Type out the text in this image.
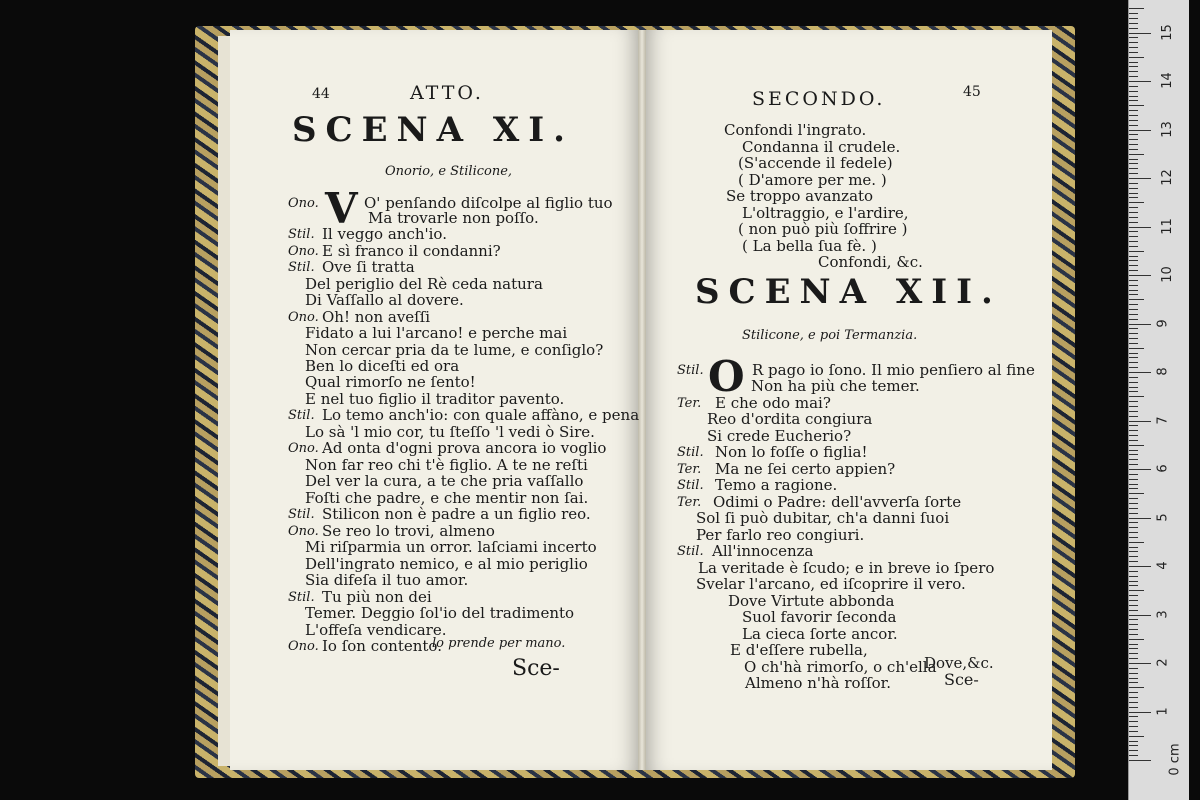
44	ATTO.
SCENA XI.
Onorio, e Stilicone,
V
Ono.	O' penſando diſcolpe al figlio tuo
Ma trovarle non poſſo.
Stil. Il veggo anch'io.
Ono. E sì franco il condanni?
Stil. Ove ſi tratta
Del periglio del Rè ceda natura
Di Vaſſallo al dovere.
Ono. Oh! non aveſſi
Fidato a lui l'arcano! e perche mai
Non cercar pria da te lume, e conſiglo?
Ben lo diceſti ed ora
Qual rimorſo ne ſento!
E nel tuo figlio il traditor pavento.
Stil. Lo temo anch'io: con quale affàno, e pena
Lo sà 'l mio cor, tu ſteſſo 'l vedi ò Sire.
Ono. Ad onta d'ogni prova ancora io voglio
Non far reo chi t'è figlio. A te ne reſti
Del ver la cura, a te che pria vaſſallo
Foſti che padre, e che mentir non ſai.
Stil. Stilicon non è padre a un figlio reo.
Ono. Se reo lo trovi, almeno
Mi riſparmia un orror. laſciami incerto
Dell'ingrato nemico, e al mio periglio
Sia difeſa il tuo amor.
Stil. Tu più non dei
Temer. Deggio ſol'io del tradimento
L'offeſa vendicare.
Ono. Io ſon contento.
lo prende per mano.
Sce-
SECONDO.	45
Confondi l'ingrato.
Condanna il crudele.
(S'accende il fedele)
( D'amore per me. )
Se troppo avanzato
L'oltraggio, e l'ardire,
( non può più ſoffrire )
( La bella ſua fè. )
Confondi, &c.
SCENA XII.
Stilicone, e poi Termanzia.
O
Stil.	R pago io ſono. Il mio penſiero al fine
Non ha più che temer.
Ter. E che odo mai?
Reo d'ordita congiura
Si crede Eucherio?
Stil. Non lo foſſe o figlia!
Ter. Ma ne ſei certo appien?
Stil. Temo a ragione.
Ter. Odimi o Padre: dell'avverſa ſorte
Sol ſi può dubitar, ch'a danni ſuoi
Per farlo reo congiuri.
Stil. All'innocenza
La veritade è ſcudo; e in breve io ſpero
Svelar l'arcano, ed iſcoprire il vero.
Dove Virtute abbonda
Suol favorir ſeconda
La cieca ſorte ancor.
E d'eſſere rubella,
O ch'hà rimorſo, o ch'ella
Almeno n'hà roſſor.
Dove,&c.
Sce-
0 cm
1
2
3
4
5
6
7
8
9
10
11
12
13
14
15
